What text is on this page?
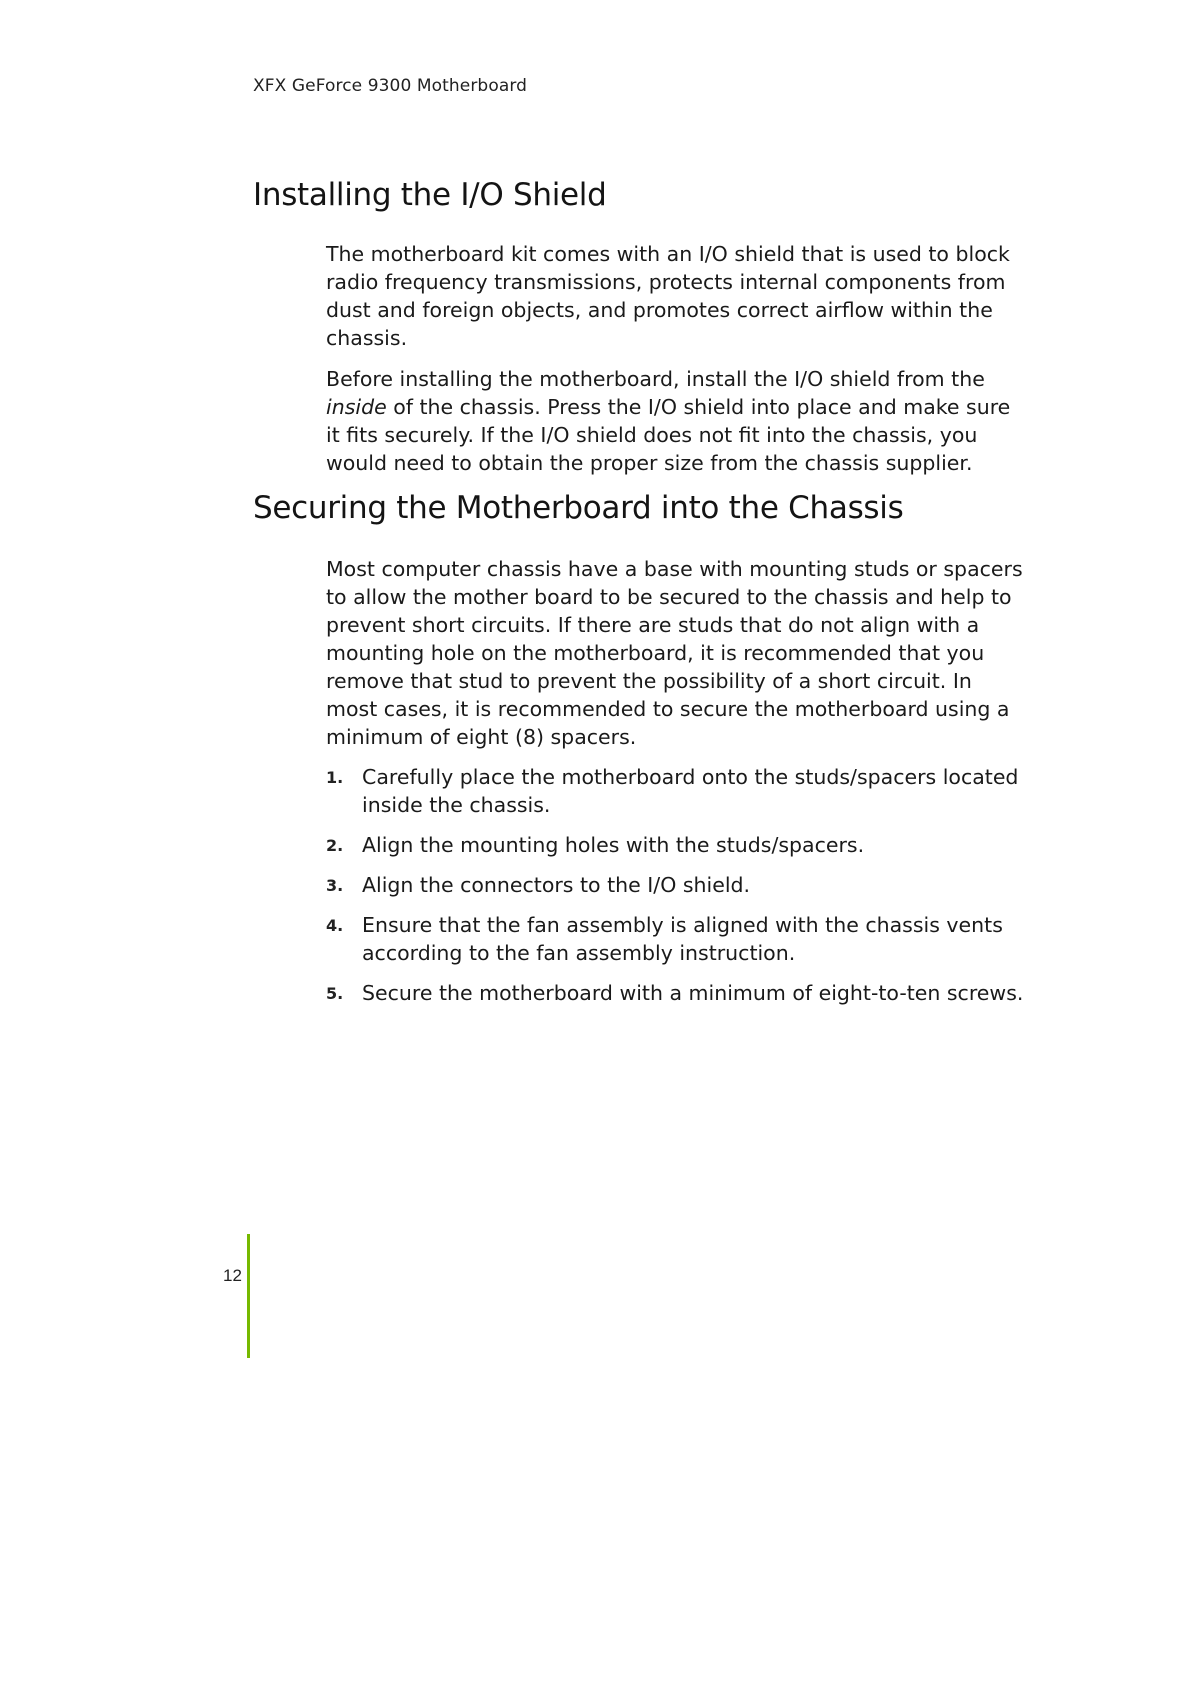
XFX GeForce 9300 Motherboard
Installing the I/O Shield

The motherboard kit comes with an I/O shield that is used to block radio frequency transmissions, protects internal components from dust and foreign objects, and promotes correct airflow within the chassis.

Before installing the motherboard, install the I/O shield from the inside of the chassis. Press the I/O shield into place and make sure it fits securely. If the I/O shield does not fit into the chassis, you would need to obtain the proper size from the chassis supplier.

Securing the Motherboard into the Chassis

Most computer chassis have a base with mounting studs or spacers to allow the mother board to be secured to the chassis and help to prevent short circuits. If there are studs that do not align with a mounting hole on the motherboard, it is recommended that you remove that stud to prevent the possibility of a short circuit. In most cases, it is recommended to secure the motherboard using a minimum of eight (8) spacers.

1. Carefully place the motherboard onto the studs/spacers located inside the chassis.
2. Align the mounting holes with the studs/spacers.
3. Align the connectors to the I/O shield.
4. Ensure that the fan assembly is aligned with the chassis vents according to the fan assembly instruction.
5. Secure the motherboard with a minimum of eight-to-ten screws.
12
